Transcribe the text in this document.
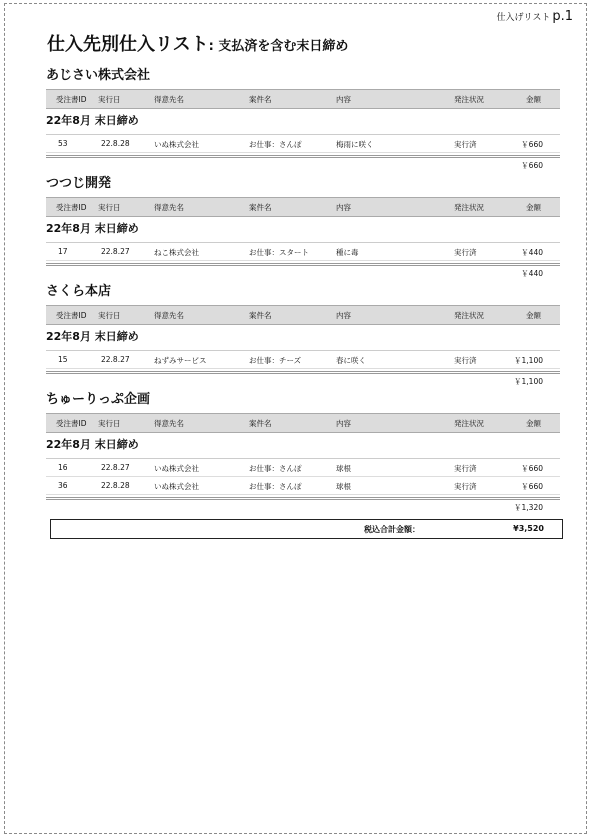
仕入げリスト p.1
仕入先別仕入リスト: 支払済を含む末日締め
あじさい株式会社
受注書ID 実行日	得意先名	案件名	内容	発注状況	金額
22年8月 末日締め
53	22.8.28	いぬ株式会社	お仕事：さんぽ	梅雨に咲く	実行済	￥660
￥660
つつじ開発
受注書ID 実行日	得意先名	案件名	内容	発注状況	金額
22年8月 末日締め
17	22.8.27	ねこ株式会社	お仕事：スタート	種に毒	実行済	￥440
￥440
さくら本店
受注書ID 実行日	得意先名	案件名	内容	発注状況	金額
22年8月 末日締め
15	22.8.27	ねずみサービス	お仕事：チーズ	春に咲く	実行済	￥1,100
￥1,100
ちゅーりっぷ企画
受注書ID 実行日	得意先名	案件名	内容	発注状況	金額
22年8月 末日締め
16	22.8.27	いぬ株式会社	お仕事：さんぽ	球根	実行済	￥660
36	22.8.28	いぬ株式会社	お仕事：さんぽ	球根	実行済	￥660
￥1,320
税込合計金額：	¥3,520
